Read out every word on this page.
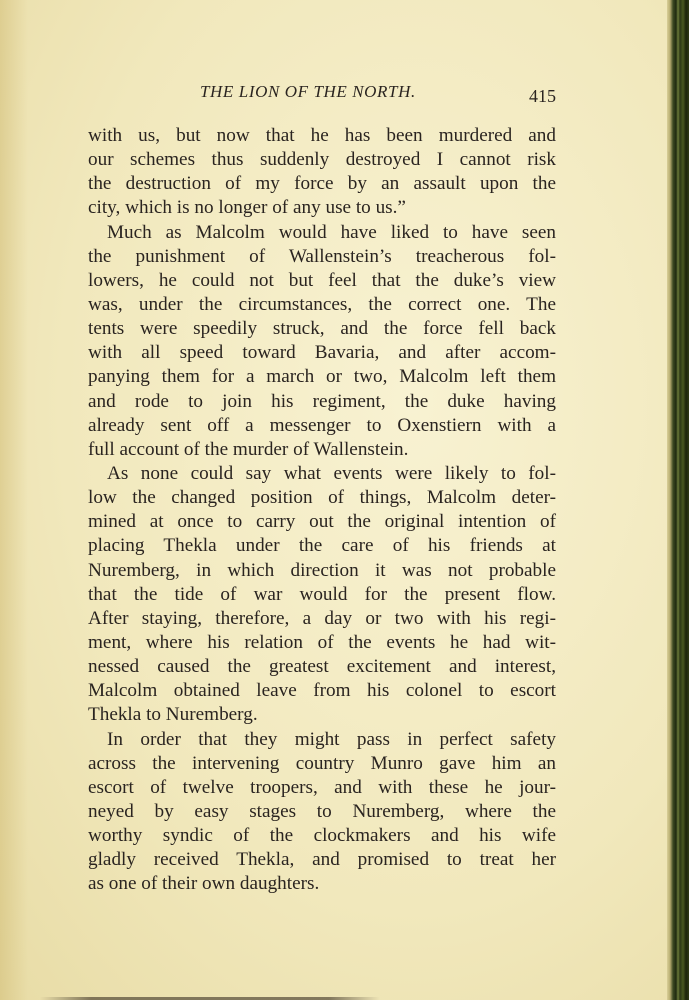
THE LION OF THE NORTH.	415
with us, but now that he has been murdered and
our schemes thus suddenly destroyed I cannot risk
the destruction of my force by an assault upon the
city, which is no longer of any use to us.”
Much as Malcolm would have liked to have seen
the punishment of Wallenstein’s treacherous fol-
lowers, he could not but feel that the duke’s view
was, under the circumstances, the correct one. The
tents were speedily struck, and the force fell back
with all speed toward Bavaria, and after accom-
panying them for a march or two, Malcolm left them
and rode to join his regiment, the duke having
already sent off a messenger to Oxenstiern with a
full account of the murder of Wallenstein.
As none could say what events were likely to fol-
low the changed position of things, Malcolm deter-
mined at once to carry out the original intention of
placing Thekla under the care of his friends at
Nuremberg, in which direction it was not probable
that the tide of war would for the present flow.
After staying, therefore, a day or two with his regi-
ment, where his relation of the events he had wit-
nessed caused the greatest excitement and interest,
Malcolm obtained leave from his colonel to escort
Thekla to Nuremberg.
In order that they might pass in perfect safety
across the intervening country Munro gave him an
escort of twelve troopers, and with these he jour-
neyed by easy stages to Nuremberg, where the
worthy syndic of the clockmakers and his wife
gladly received Thekla, and promised to treat her
as one of their own daughters.
